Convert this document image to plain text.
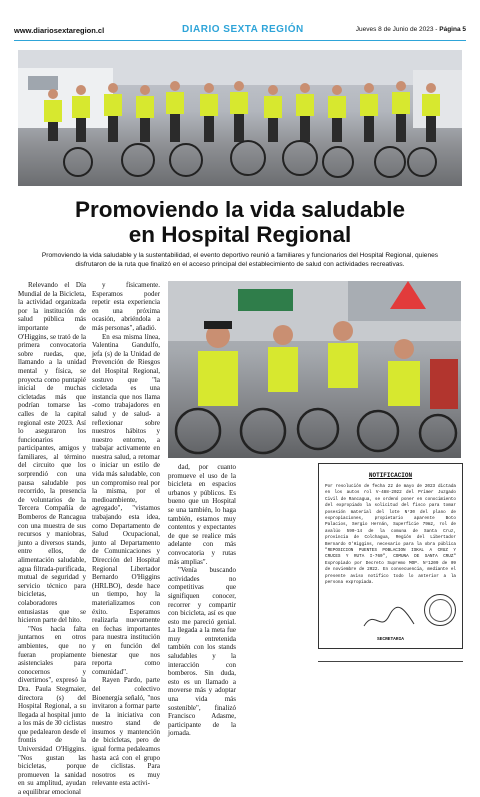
www.diariosextaregion.cl	DIARIO SEXTA REGIÓN	Jueves 8 de Junio de 2023 - Página 5
Promoviendo la vida saludable
en Hospital Regional
Promoviendo la vida saludable y la sustentabilidad, el evento deportivo reunió a familiares y funcionarios del Hospital Regional, quienes disfrutaron de la ruta que finalizó en el acceso principal del establecimiento de salud con actividades recreativas.

Relevando el Día Mundial de la Bicicleta, la actividad organizada por la institución de salud pública más importante de O'Higgins, se trató de la primera convocatoria sobre ruedas, que, llamando a la unidad mental y física, se proyecta como puntapié inicial de muchas cicletadas más que podrían tomarse las calles de la capital regional este 2023. Así lo aseguraron los funcionarios participantes, amigos y familiares, al término del circuito que los sorprendió con una pausa saludable pos recorrido, la presencia de voluntarios de la Tercera Compañía de Bomberos de Rancagua con una muestra de sus recursos y maniobras, junto a diversos stands, entre ellos, de alimentación saludable, agua filtrada-purificada, mutual de seguridad y servicio técnico para bicicletas, colaboradores entusiastas que se hicieron parte del hito.

"Nos hacía falta juntarnos en otros ambientes, que no fueran propiamente asistenciales para conocernos y divertirnos", expresó la Dra. Paula Stegmaier, directora (s) del Hospital Regional, a su llegada al hospital junto a los más de 30 ciclistas que pedalearon desde el frontis de la Universidad O'Higgins. "Nos gustan las bicicletas, porque promueven la sanidad en su amplitud, ayudan a equilibrar emocional

y físicamente. Esperamos poder repetir esta experiencia en una próxima ocasión, abriéndola a más personas", añadió.

En esa misma línea, Valentina Gandulfo, jefa (s) de la Unidad de Prevención de Riesgos del Hospital Regional, sostuvo que "la cicletada es una instancia que nos llama -como trabajadores en salud y de salud- a reflexionar sobre nuestros hábitos y nuestro entorno, a trabajar activamente en nuestra salud, a retomar o iniciar un estilo de vida más saludable, con un compromiso real por la misma, por el medioambiente, agregado", "vistamos trabajando esta idea, como Departamento de Salud Ocupacional, junto al Departamento de Comunicaciones y Dirección del Hospital Regional Libertador Bernardo O'Higgins (HRLBO), desde hace un tiempo, hoy la materializamos con éxito. Esperamos realizarla nuevamente en fechas importantes para nuestra institución y en función del bienestar que nos reporta como comunidad".

Rayen Pardo, parte del colectivo Bioenergía señaló, "nos invitaron a formar parte de la iniciativa con nuestro stand de insumos y mantención de bicicletas, pero de igual forma pedaleamos hasta acá con el grupo de ciclistas. Para nosotros es muy relevante esta activi-

dad, por cuanto promueve el uso de la bicicleta en espacios urbanos y públicos. Es bueno que un Hospital se una también, lo haga también, estamos muy contentos y expectantes de que se realice más adelante con más convocatoria y rutas más amplias".

"Venía buscando actividades no competitivas que signifiquen conocer, recorrer y compartir con bicicleta, así es que esto me pareció genial. La llegada a la meta fue muy entretenida también con los stands saludables y la interacción con bomberos. Sin duda, esto es un llamado a moverse más y adoptar una vida más sostenible", finalizó Francisco Adasme, participante de la jornada.

NOTIFICACION
Por resolución de fecha 22 de mayo de 2023 dictada en los autos rol V-488-2022 del Primer Juzgado Civil de Rancagua, se ordenó poner en conocimiento del expropiado la solicitud del fisco para tomar posesión material del lote N°30 del plano de expropiaciones, propietario aparente Boto Palacios, Sergio Hernán, Superficie 79m2, rol de avalúo 590-14 de la comuna de Santa Cruz, provincia de Colchagua, Región del Libertador Bernardo O'Higgins, necesario para la obra pública "REPOSICION PUENTES POBLACION ISKAL A CRUZ Y CRUCES Y RUTA I-760", COMUNA DE SANTA CRUZ" Expropiado por Decreto Supremo MOP. N°1209 de 09 de noviembre de 2022. En consecuencia, mediante el presente aviso notifico todo lo anterior a la persona expropiada.
SECRETARIA
